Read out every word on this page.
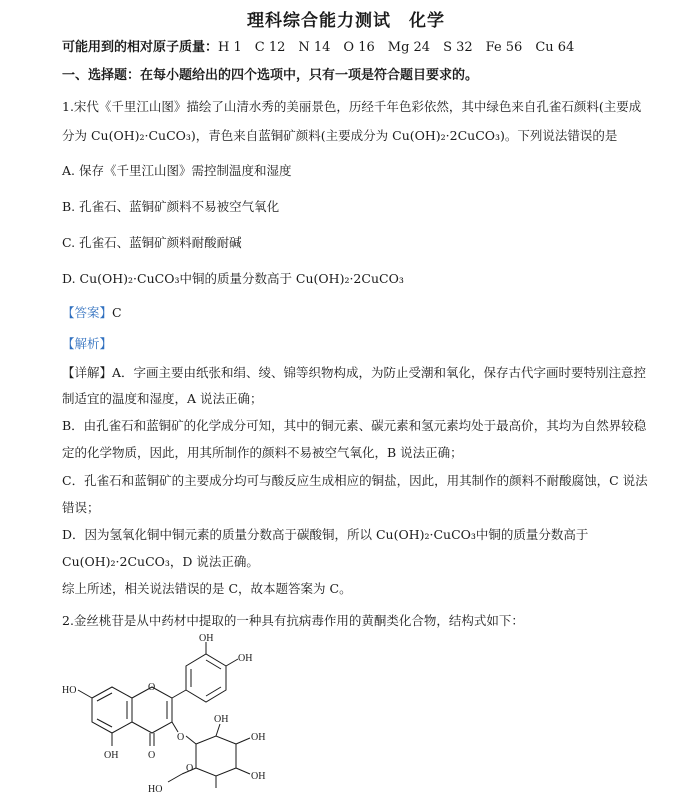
理科综合能力测试　化学
可能用到的相对原子质量：H 1　C 12　N 14　O 16　Mg 24　S 32　Fe 56　Cu 64
一、选择题：在每小题给出的四个选项中，只有一项是符合题目要求的。
1.宋代《千里江山图》描绘了山清水秀的美丽景色，历经千年色彩依然，其中绿色来自孔雀石颜料(主要成
分为 Cu(OH)₂·CuCO₃)，青色来自蓝铜矿颜料(主要成分为 Cu(OH)₂·2CuCO₃)。下列说法错误的是
A. 保存《千里江山图》需控制温度和湿度
B. 孔雀石、蓝铜矿颜料不易被空气氧化
C. 孔雀石、蓝铜矿颜料耐酸耐碱
D. Cu(OH)₂·CuCO₃中铜的质量分数高于 Cu(OH)₂·2CuCO₃
【答案】C
【解析】
【详解】A．字画主要由纸张和绢、绫、锦等织物构成，为防止受潮和氧化，保存古代字画时要特别注意控
制适宜的温度和湿度，A 说法正确；
B．由孔雀石和蓝铜矿的化学成分可知，其中的铜元素、碳元素和氢元素均处于最高价，其均为自然界较稳
定的化学物质，因此，用其所制作的颜料不易被空气氧化，B 说法正确；
C．孔雀石和蓝铜矿的主要成分均可与酸反应生成相应的铜盐，因此，用其制作的颜料不耐酸腐蚀，C 说法
错误；
D．因为氢氧化铜中铜元素的质量分数高于碳酸铜，所以 Cu(OH)₂·CuCO₃中铜的质量分数高于
Cu(OH)₂·2CuCO₃，D 说法正确。
综上所述，相关说法错误的是 C，故本题答案为 C。
2.金丝桃苷是从中药材中提取的一种具有抗病毒作用的黄酮类化合物，结构式如下：
HO
OH	O
O
O
OH
OH
O
OH
OH
OH
HO
